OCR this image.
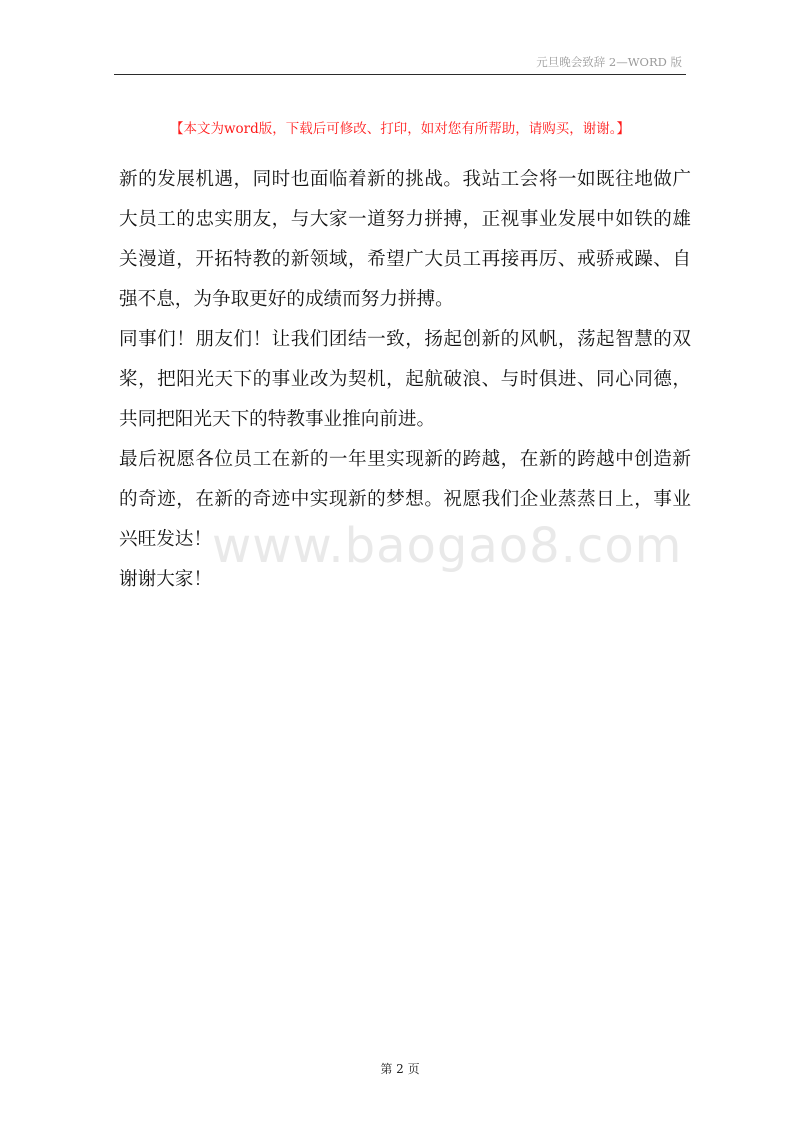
元旦晚会致辞 2—WORD 版
【本文为word版，下载后可修改、打印，如对您有所帮助，请购买，谢谢。】

新的发展机遇，同时也面临着新的挑战。我站工会将一如既往地做广大员工的忠实朋友，与大家一道努力拼搏，正视事业发展中如铁的雄关漫道，开拓特教的新领域，希望广大员工再接再厉、戒骄戒躁、自强不息，为争取更好的成绩而努力拼搏。

同事们！朋友们！让我们团结一致，扬起创新的风帆，荡起智慧的双桨，把阳光天下的事业改为契机，起航破浪、与时俱进、同心同德，共同把阳光天下的特教事业推向前进。

最后祝愿各位员工在新的一年里实现新的跨越，在新的跨越中创造新的奇迹，在新的奇迹中实现新的梦想。祝愿我们企业蒸蒸日上，事业兴旺发达！

谢谢大家！

www.baogao8.com
第 2 页
